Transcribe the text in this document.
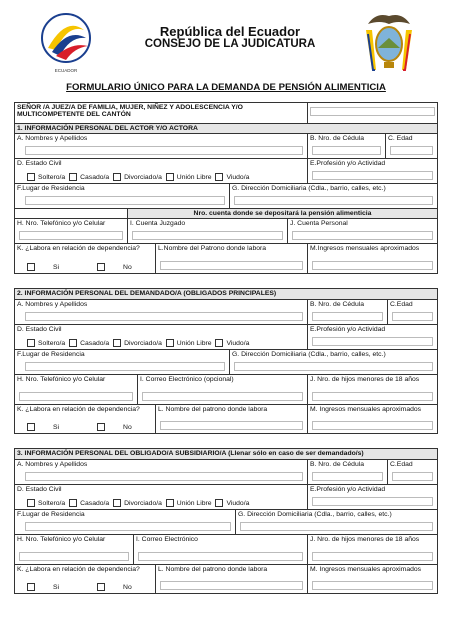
ECUADOR
República del Ecuador
CONSEJO DE LA JUDICATURA
FORMULARIO ÚNICO PARA LA DEMANDA DE PENSIÓN ALIMENTICIA
SEÑOR /A JUEZ/A DE FAMILIA, MUJER, NIÑEZ Y ADOLESCENCIA Y/O MULTICOMPETENTE DEL CANTÓN
1. INFORMACIÓN PERSONAL DEL ACTOR Y/O ACTORA
A. Nombres y Apellidos	B. Nro. de Cédula	C. Edad
D. Estado Civil
Soltero/a Casado/a Divorciado/a Unión Libre Viudo/a
E.Profesión y/o Actividad
F.Lugar de Residencia	G. Dirección Domiciliaria (Cdla., barrio, calles, etc.)
Nro. cuenta donde se depositará la pensión alimenticia
H. Nro. Telefónico y/o Celular	I. Cuenta Juzgado	J. Cuenta Personal
K. ¿Labora en relación de dependencia?
Si	No
L.Nombre del Patrono donde labora	M.Ingresos mensuales aproximados
2. INFORMACIÓN PERSONAL DEL DEMANDADO/A (OBLIGADOS PRINCIPALES)
A. Nombres y Apellidos	B. Nro. de Cédula	C.Edad
D. Estado Civil
Soltero/a Casado/a Divorciado/a Unión Libre Viudo/a
E.Profesión y/o Actividad
F.Lugar de Residencia	G. Dirección Domiciliaria (Cdla., barrio, calles, etc.)
H. Nro. Telefónico y/o Celular	I. Correo Electrónico (opcional)	J. Nro. de hijos menores de 18 años
K. ¿Labora en relación de dependencia?
Si	No
L. Nombre del patrono donde labora	M. Ingresos mensuales aproximados
3. INFORMACIÓN PERSONAL DEL OBLIGADO/A SUBSIDIARIO/A (Llenar sólo en caso de ser demandado/s)
A. Nombres y Apellidos	B. Nro. de Cédula	C.Edad
D. Estado Civil
Soltero/a Casado/a Divorciado/a Unión Libre Viudo/a
E.Profesión y/o Actividad
F.Lugar de Residencia	G. Dirección Domiciliaria (Cdla., barrio, calles, etc.)
H. Nro. Telefónico y/o Celular	I. Correo Electrónico	J. Nro. de hijos menores de 18 años
K. ¿Labora en relación de dependencia?
Si	No
L. Nombre del patrono donde labora	M. Ingresos mensuales aproximados
